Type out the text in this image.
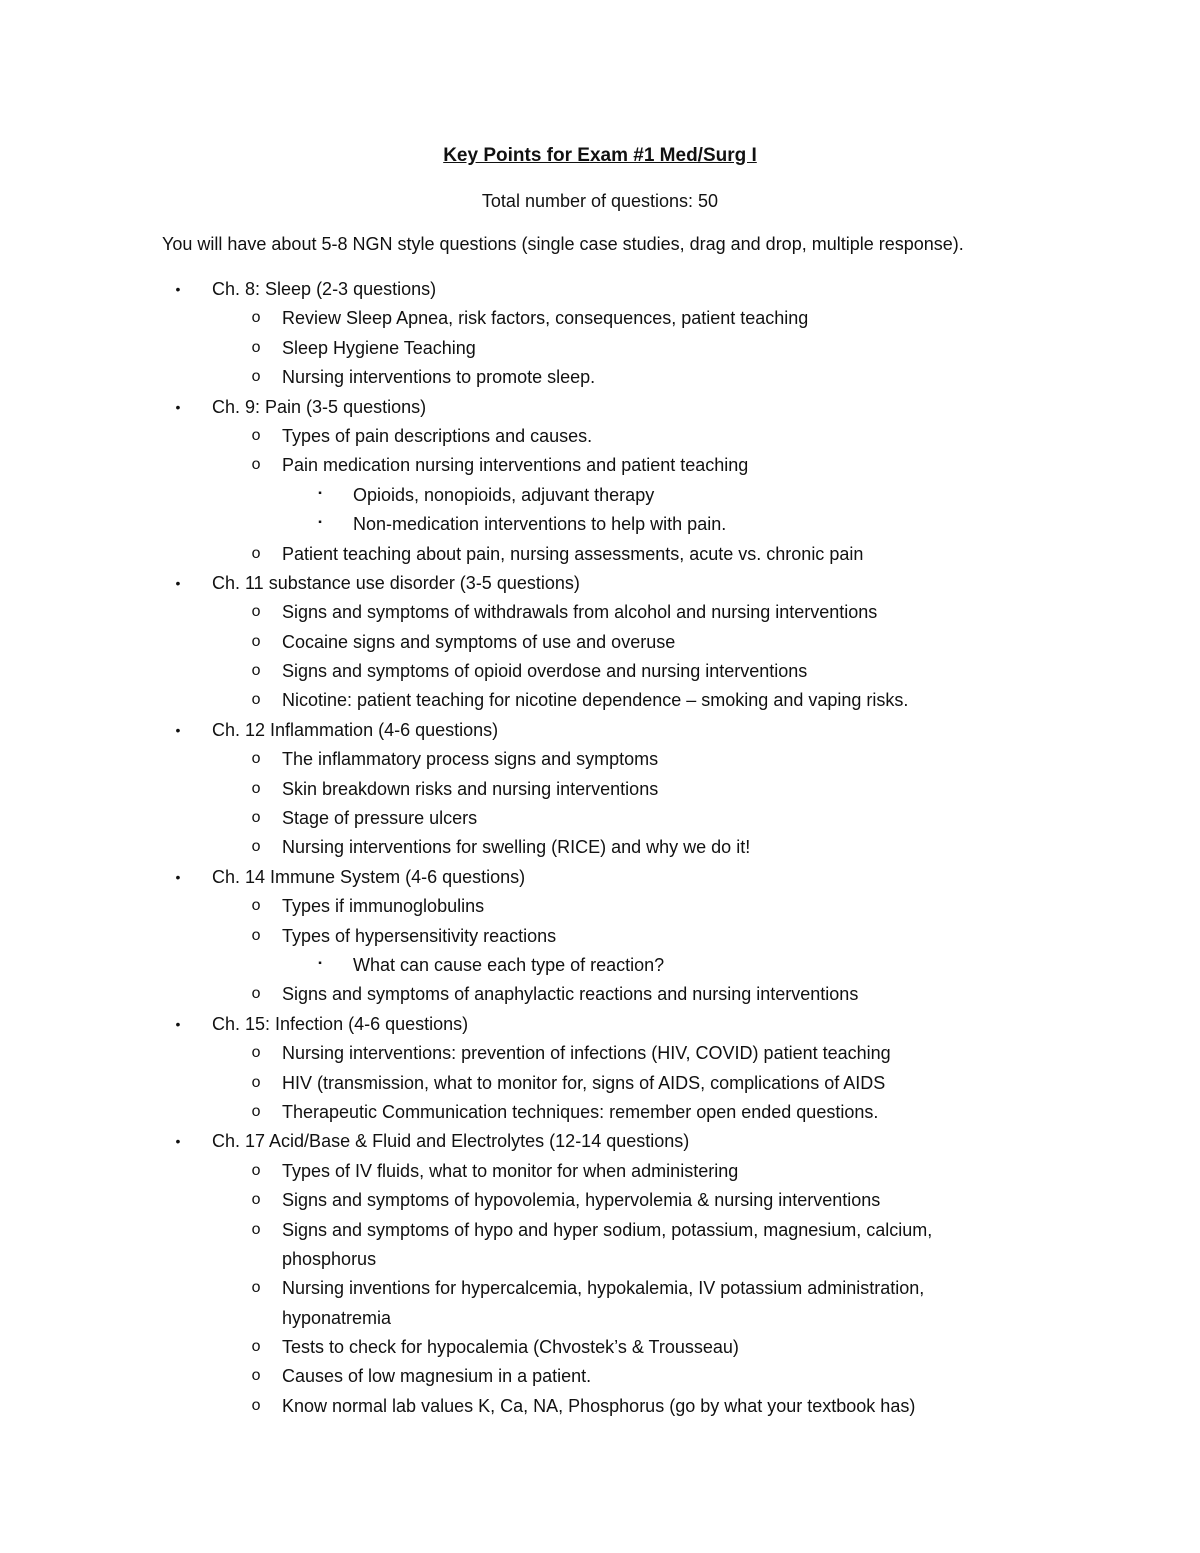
Key Points for Exam #1 Med/Surg I
Total number of questions: 50
You will have about 5-8 NGN style questions (single case studies, drag and drop, multiple response).
•	Ch. 8: Sleep (2-3 questions)
o Review Sleep Apnea, risk factors, consequences, patient teaching
o Sleep Hygiene Teaching
o Nursing interventions to promote sleep.
•	Ch. 9: Pain (3-5 questions)
o Types of pain descriptions and causes.
o Pain medication nursing interventions and patient teaching
▪	Opioids, nonopioids, adjuvant therapy
▪	Non-medication interventions to help with pain.
o Patient teaching about pain, nursing assessments, acute vs. chronic pain
•	Ch. 11 substance use disorder (3-5 questions)
o Signs and symptoms of withdrawals from alcohol and nursing interventions
o Cocaine signs and symptoms of use and overuse
o Signs and symptoms of opioid overdose and nursing interventions
o Nicotine: patient teaching for nicotine dependence – smoking and vaping risks.
•	Ch. 12 Inflammation (4-6 questions)
o The inflammatory process signs and symptoms
o Skin breakdown risks and nursing interventions
o Stage of pressure ulcers
o Nursing interventions for swelling (RICE) and why we do it!
•	Ch. 14 Immune System (4-6 questions)
o Types if immunoglobulins
o Types of hypersensitivity reactions
▪	What can cause each type of reaction?
o Signs and symptoms of anaphylactic reactions and nursing interventions
•	Ch. 15: Infection (4-6 questions)
o Nursing interventions: prevention of infections (HIV, COVID) patient teaching
o HIV (transmission, what to monitor for, signs of AIDS, complications of AIDS
o Therapeutic Communication techniques: remember open ended questions.
•	Ch. 17 Acid/Base & Fluid and Electrolytes (12-14 questions)
o Types of IV fluids, what to monitor for when administering
o Signs and symptoms of hypovolemia, hypervolemia & nursing interventions
o Signs and symptoms of hypo and hyper sodium, potassium, magnesium, calcium,
phosphorus
o Nursing inventions for hypercalcemia, hypokalemia, IV potassium administration,
hyponatremia
o Tests to check for hypocalemia (Chvostek’s & Trousseau)
o Causes of low magnesium in a patient.
o Know normal lab values K, Ca, NA, Phosphorus (go by what your textbook has)
